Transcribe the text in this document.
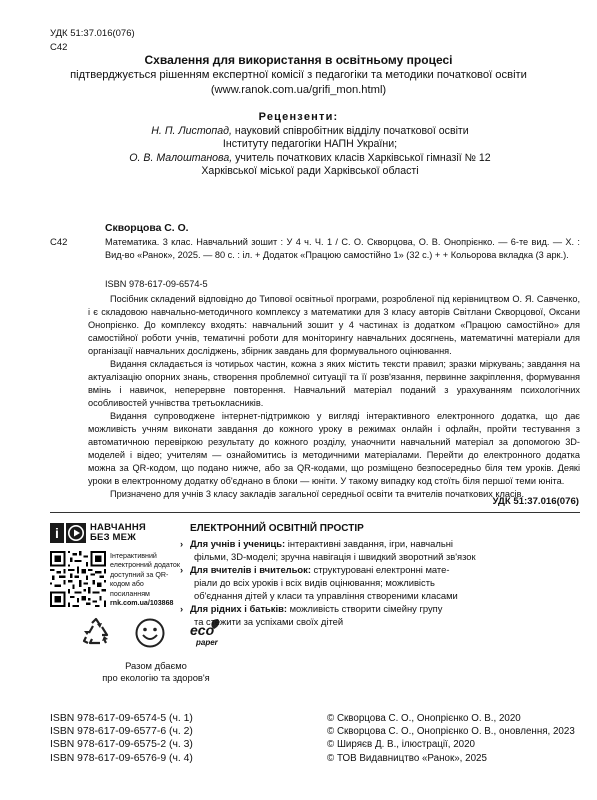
УДК 51:37.016(076)
С42
Схвалення для використання в освітньому процесі
підтверджується рішенням експертної комісії з педагогіки та методики початкової освіти
(www.ranok.com.ua/grifi_mon.html)
Рецензенти:
Н. П. Листопад, науковий співробітник відділу початкової освіти
Інституту педагогіки НАПН України;
О. В. Малоштанова, учитель початкових класів Харківської гімназії № 12
Харківської міської ради Харківської області
Скворцова С. О.
С42	Математика. 3 клас. Навчальний зошит : У 4 ч. Ч. 1 / С. О. Скворцова, О. В. Онопрієнко. — 6-те вид. — Х. : Вид-во «Ранок», 2025. — 80 с. : іл. + Додаток «Працюю самостійно 1» (32 с.) + + Кольорова вкладка (3 арк.).
ISBN 978-617-09-6574-5

Посібник складений відповідно до Типової освітньої програми, розробленої під керівництвом О. Я. Савченко, і є складовою навчально-методичного комплексу з математики для 3 класу авторів Світлани Скворцової, Оксани Онопрієнко. До комплексу входять: навчальний зошит у 4 частинах із додатком «Працюю самостійно» для самостійної роботи учнів, тематичні роботи для моніторингу навчальних досягнень, математичні матеріали для організації навчальних досліджень, збірник завдань для формувального оцінювання.

Видання складається із чотирьох частин, кожна з яких містить тексти правил; зразки міркувань; завдання на актуалізацію опорних знань, створення проблемної ситуації та її розв'язання, первинне закріплення, формування вмінь і навичок, неперервне повторення. Навчальний матеріал поданий з урахуванням психологічних особливостей учнівства третьокласників.

Видання супроводжене інтернет-підтримкою у вигляді інтерактивного електронного додатка, що дає можливість учням виконати завдання до кожного уроку в режимах онлайн і офлайн, пройти тестування з автоматичною перевіркою результату до кожного розділу, унаочнити навчальний матеріал за допомогою 3D-моделей і відео; учителям — ознайомитись із методичними матеріалами. Перейти до електронного додатка можна за QR-кодом, що подано нижче, або за QR-кодами, що розміщено безпосередньо біля тем уроків. Деякі уроки в електронному додатку об'єднано в блоки — юніти. У такому випадку код стоїть біля першої теми юніта.

Призначено для учнів 3 класу закладів загальної середньої освіти та вчителів початкових класів.

УДК 51:37.016(076)
і	НАВЧАННЯ
БЕЗ МЕЖ
Інтерактивний електронний додаток доступний за QR-кодом або посиланням
rnk.com.ua/103868
eco
paper
Разом дбаємо
про екологію та здоров'я
ЕЛЕКТРОННИЙ ОСВІТНІЙ ПРОСТІР
› Для учнів і учениць: інтерактивні завдання, ігри, навчальні
фільми, 3D-моделі; зручна навігація і швидкий зворотний зв'язок
› Для вчителів і вчительок: структуровані електронні мате-
ріали до всіх уроків і всіх видів оцінювання; можливість
об'єднання дітей у класи та управління створеними класами
› Для рідних і батьків: можливість створити сімейну групу
та стежити за успіхами своїх дітей
ISBN 978-617-09-6574-5 (ч. 1)
ISBN 978-617-09-6577-6 (ч. 2)
ISBN 978-617-09-6575-2 (ч. 3)
ISBN 978-617-09-6576-9 (ч. 4)
© Скворцова С. О., Онопрієнко О. В., 2020
© Скворцова С. О., Онопрієнко О. В., оновлення, 2023
© Ширяєв Д. В., ілюстрації, 2020
© ТОВ Видавництво «Ранок», 2025
